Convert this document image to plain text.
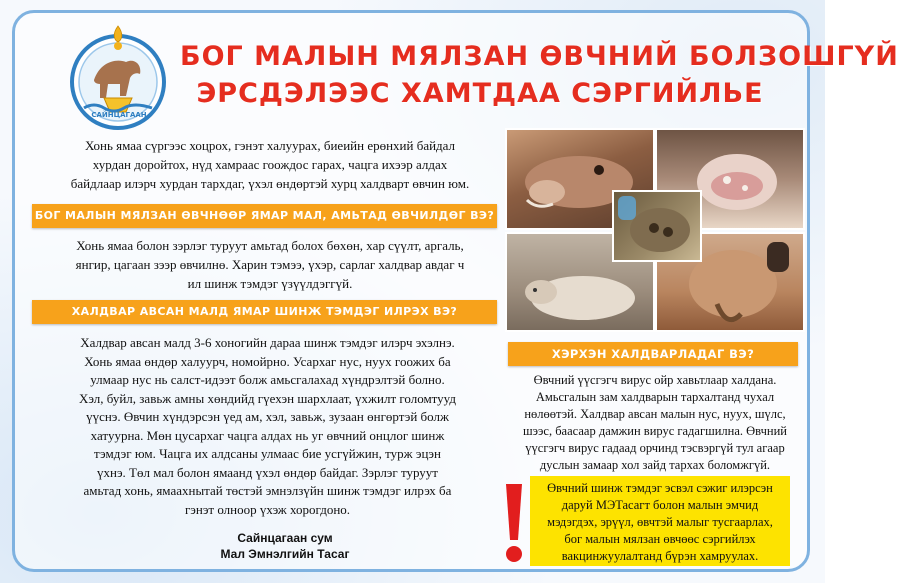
САЙНЦАГААН
БОГ МАЛЫН МЯЛЗАН ӨВЧНИЙ БОЛЗОШГҮЙ
ЭРСДЭЛЭЭС ХАМТДАА СЭРГИЙЛЬЕ
Хонь ямаа сүргээс хоцрох, гэнэт халуурах, биеийн ерөнхий байдал
хурдан доройтох, нүд хамраас гоождос гарах, чацга ихээр алдах
байдлаар илэрч хурдан тархдаг, үхэл өндөртэй хурц халдварт өвчин юм.
БОГ МАЛЫН МЯЛЗАН ӨВЧНӨӨР ЯМАР МАЛ, АМЬТАД ӨВЧИЛДӨГ ВЭ?
Хонь ямаа болон зэрлэг туруут амьтад болох бөхөн, хар сүүлт, аргаль,
янгир, цагаан зээр өвчилнө. Харин тэмээ, үхэр, сарлаг халдвар авдаг ч
ил шинж тэмдэг үзүүлдэггүй.
ХАЛДВАР АВСАН МАЛД ЯМАР ШИНЖ ТЭМДЭГ ИЛРЭХ ВЭ?
Халдвар авсан малд 3-6 хоногийн дараа шинж тэмдэг илэрч эхэлнэ.
Хонь ямаа өндөр халуурч, номойрно. Усархаг нус, нуух гоожих ба
улмаар нус нь салст-идээт болж амьсгалахад хүндрэлтэй болно.
Хэл, буйл, завьж амны хөндийд гүехэн шархлаат, үхжилт голомтууд
үүснэ. Өвчин хүндэрсэн үед ам, хэл, завьж, зузаан өнгөртэй болж
хатуурна. Мөн цусархаг чацга алдах нь уг өвчний онцлог шинж
тэмдэг юм. Чацга их алдсаны улмаас бие усгүйжин, турж эцэн
үхнэ. Төл мал болон ямаанд үхэл өндөр байдаг. Зэрлэг туруут
амьтад хонь, ямаахнытай төстэй эмнэлзүйн шинж тэмдэг илрэх ба
гэнэт олноор үхэж хорогдоно.
Сайнцагаан сум
Мал Эмнэлгийн Тасаг
ХЭРХЭН ХАЛДВАРЛАДАГ ВЭ?
Өвчний үүсгэгч вирус ойр хавьтлаар халдана.
Амьсгалын зам халдварын тархалтанд чухал
нөлөөтэй. Халдвар авсан малын нус, нуух, шүлс,
шээс, баасаар дамжин вирус гадагшилна. Өвчний
үүсгэгч вирус гадаад орчинд тэсвэргүй тул агаар
дуслын замаар хол зайд тархах боломжгүй.
Өвчний шинж тэмдэг эсвэл сэжиг илэрсэн
даруй МЭТасагт болон малын эмчид
мэдэгдэх, эрүүл, өвчтэй малыг тусгаарлах,
бог малын мялзан өвчөөс сэргийлэх
вакцинжуулалтанд бүрэн хамруулах.
